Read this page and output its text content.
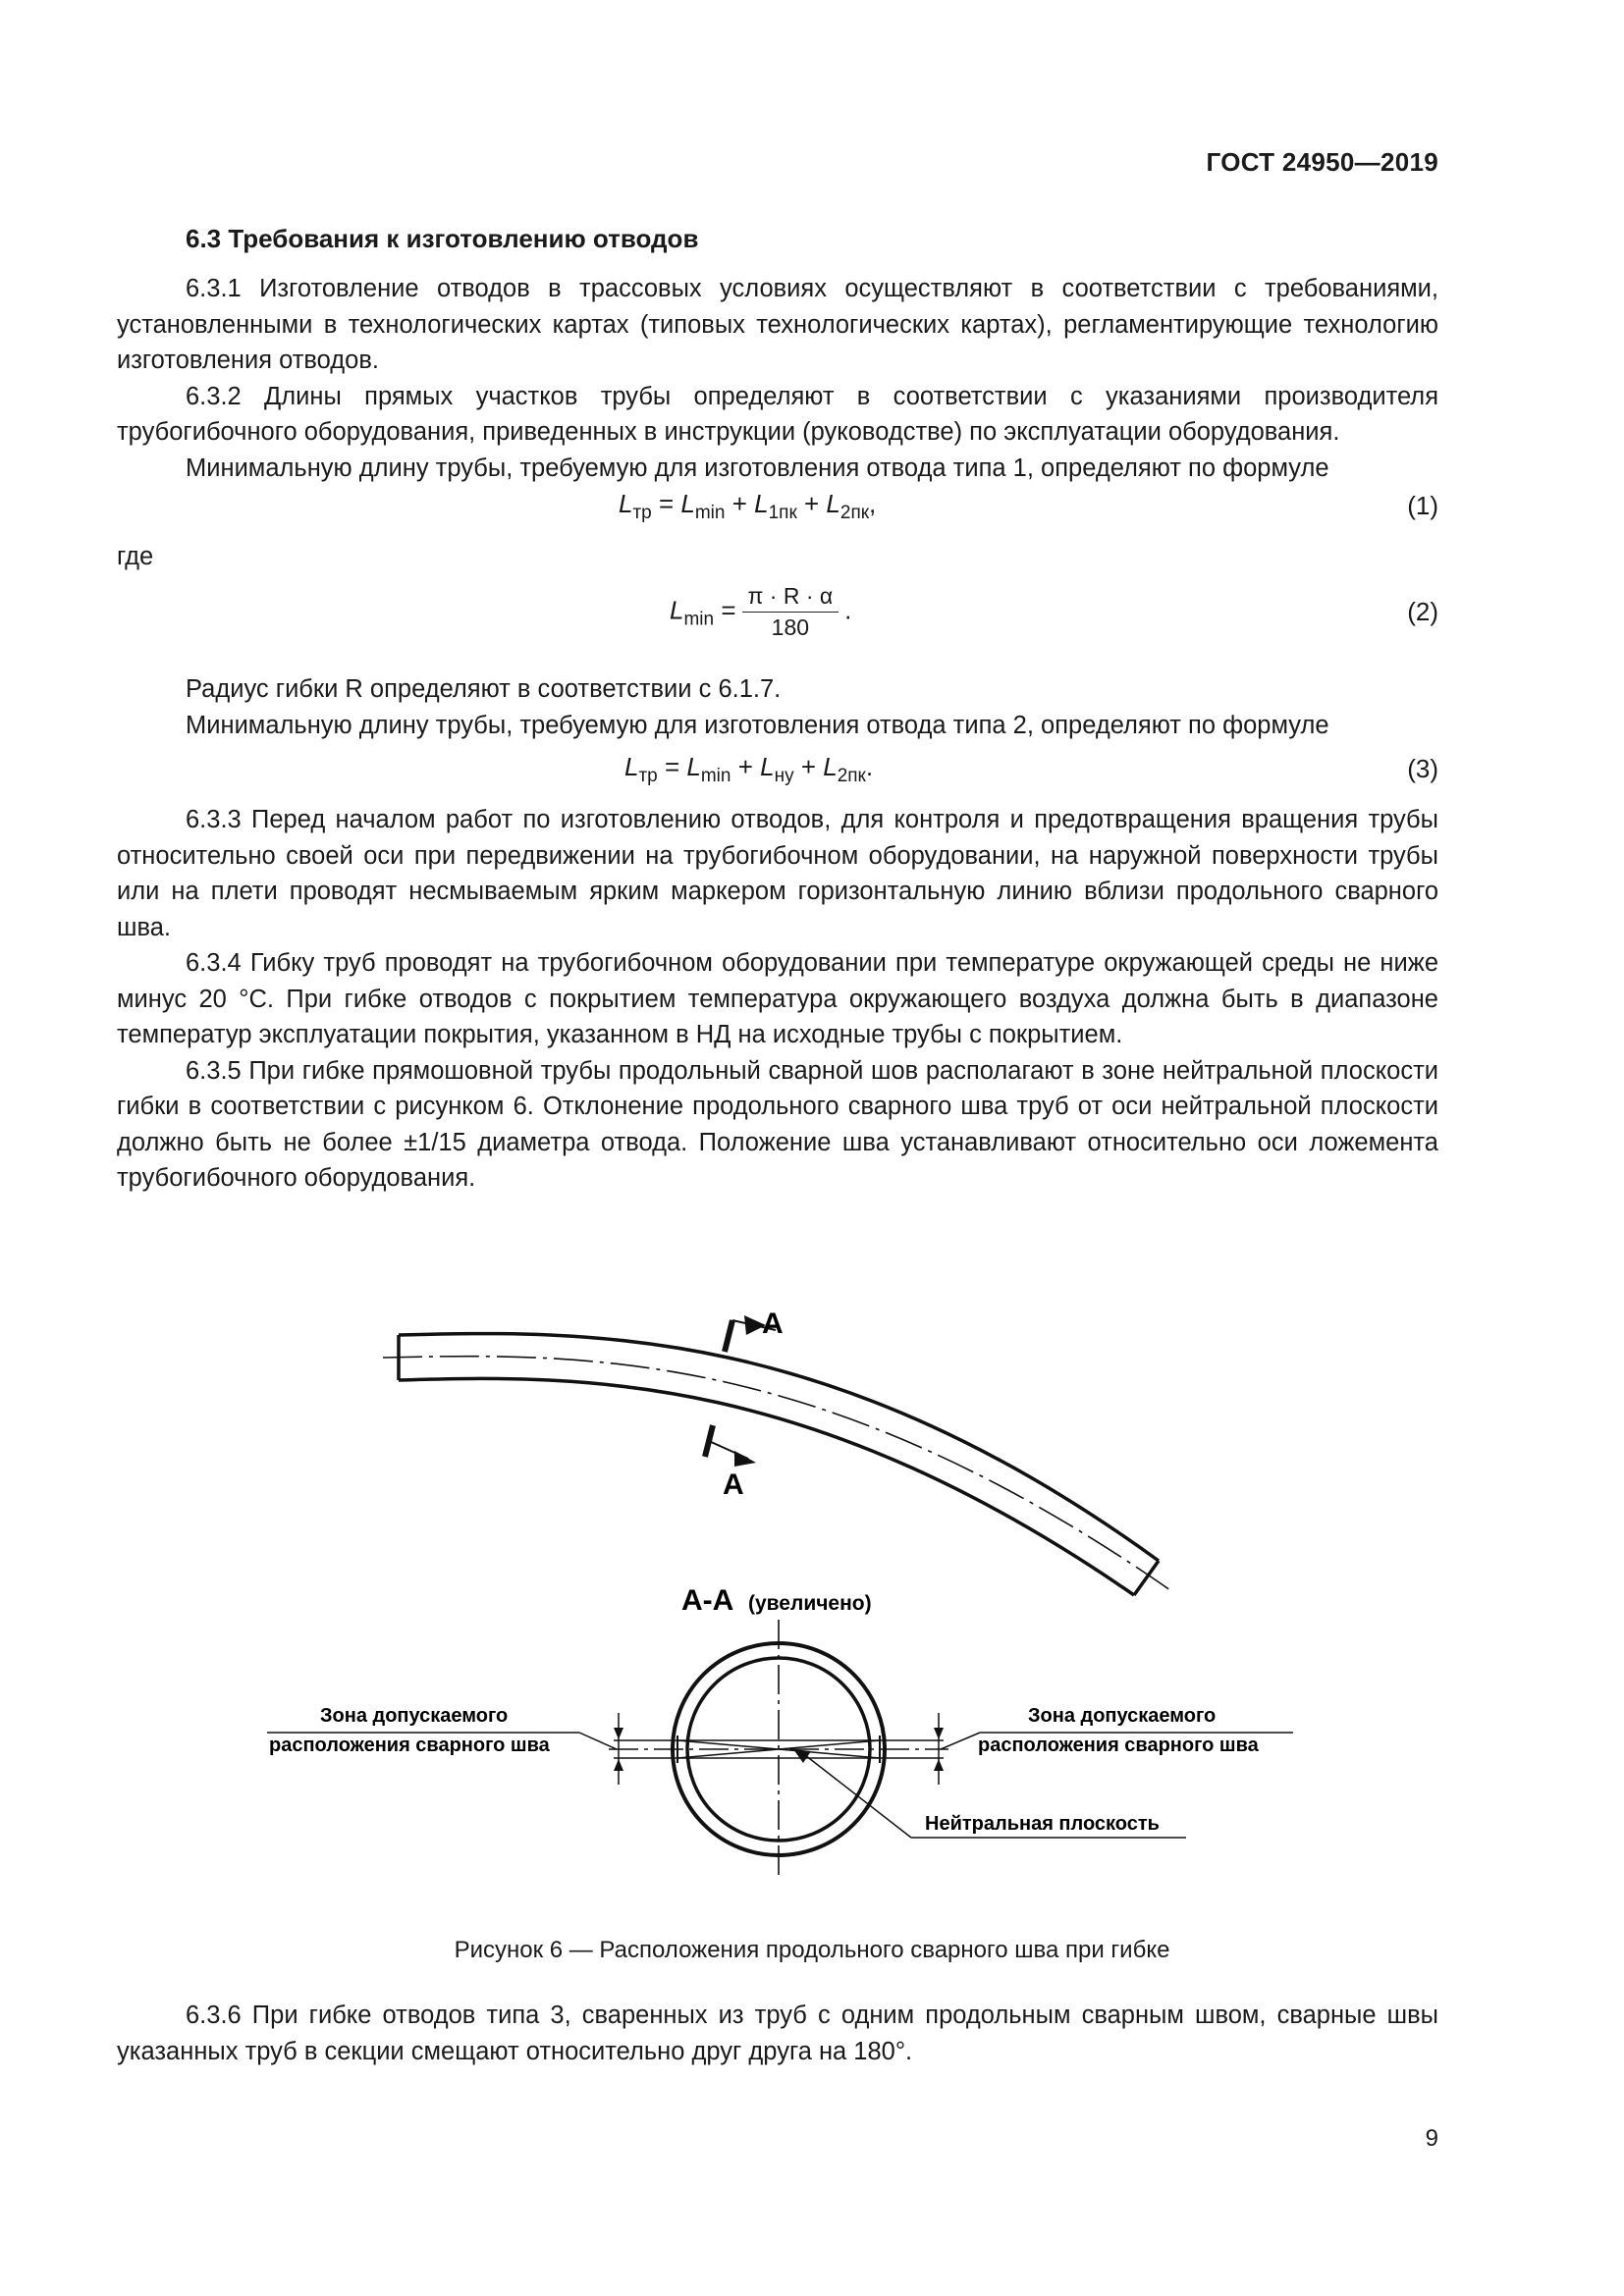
ГОСТ 24950—2019
6.3 Требования к изготовлению отводов

6.3.1 Изготовление отводов в трассовых условиях осуществляют в соответствии с требованиями, установленными в технологических картах (типовых технологических картах), регламентирующие технологию изготовления отводов.

6.3.2 Длины прямых участков трубы определяют в соответствии с указаниями производителя трубогибочного оборудования, приведенных в инструкции (руководстве) по эксплуатации оборудования.

Минимальную длину трубы, требуемую для изготовления отвода типа 1, определяют по формуле

$L_{тр} = L_{min} + L_{1пк} + L_{2пк}$,	(1)

где

$L_{min} = \frac{\pi \cdot R \cdot \alpha}{180}$ .	(2)

Радиус гибки R определяют в соответствии с 6.1.7.

Минимальную длину трубы, требуемую для изготовления отвода типа 2, определяют по формуле

$L_{тр} = L_{min} + L_{ну} + L_{2пк}$.	(3)

6.3.3 Перед началом работ по изготовлению отводов, для контроля и предотвращения вращения трубы относительно своей оси при передвижении на трубогибочном оборудовании, на наружной поверхности трубы или на плети проводят несмываемым ярким маркером горизонтальную линию вблизи продольного сварного шва.

6.3.4 Гибку труб проводят на трубогибочном оборудовании при температуре окружающей среды не ниже минус 20 °С. При гибке отводов с покрытием температура окружающего воздуха должна быть в диапазоне температур эксплуатации покрытия, указанном в НД на исходные трубы с покрытием.

6.3.5 При гибке прямошовной трубы продольный сварной шов располагают в зоне нейтральной плоскости гибки в соответствии с рисунком 6. Отклонение продольного сварного шва труб от оси нейтральной плоскости должно быть не более ±1/15 диаметра отвода. Положение шва устанавливают относительно оси ложемента трубогибочного оборудования.

А
А
А-А (увеличено)
Зона допускаемого
расположения сварного шва
Зона допускаемого
расположения сварного шва
Нейтральная плоскость
Рисунок 6 — Расположения продольного сварного шва при гибке

6.3.6 При гибке отводов типа 3, сваренных из труб с одним продольным сварным швом, сварные швы указанных труб в секции смещают относительно друг друга на 180°.

9
